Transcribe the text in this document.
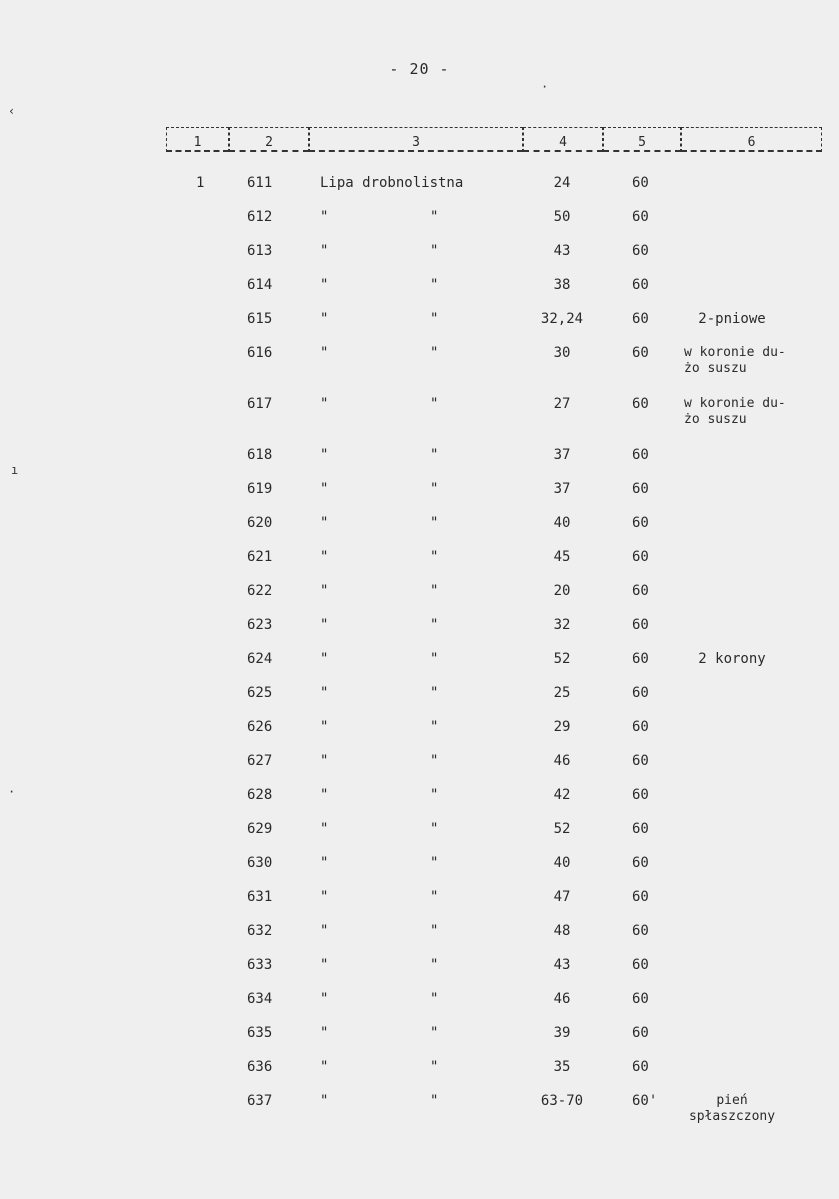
- 20 -
1	2	3	4	5	6
1	611	Lipa drobnolistna	24	60
612	"	"	50	60
613	"	"	43	60
614	"	"	38	60
615	"	"	32,24	60	2-pniowe
616	"	"	30	60	w koronie du-
żo suszu
617	"	"	27	60	w koronie du-
żo suszu
618	"	"	37	60
619	"	"	37	60
620	"	"	40	60
621	"	"	45	60
622	"	"	20	60
623	"	"	32	60
624	"	"	52	60	2 korony
625	"	"	25	60
626	"	"	29	60
627	"	"	46	60
628	"	"	42	60
629	"	"	52	60
630	"	"	40	60
631	"	"	47	60
632	"	"	48	60
633	"	"	43	60
634	"	"	46	60
635	"	"	39	60
636	"	"	35	60
637	"	"	63-70	60'	pień
spłaszczony
‹
ı
·
·
